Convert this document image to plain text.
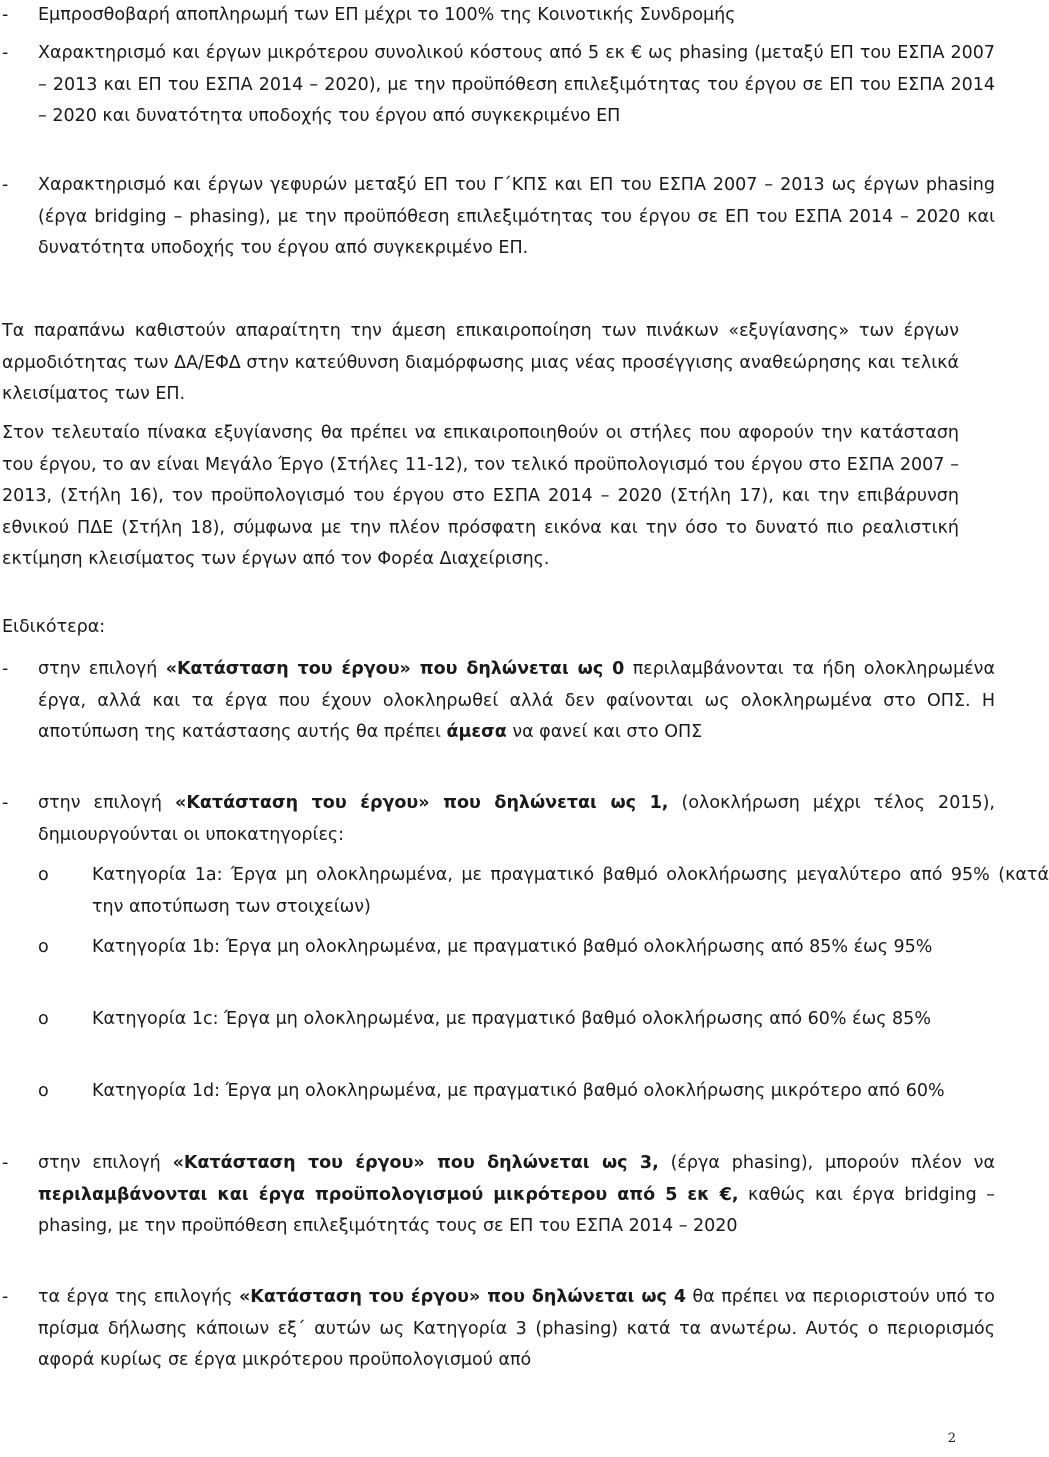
- Εμπροσθοβαρή αποπληρωμή των ΕΠ μέχρι το 100% της Κοινοτικής Συνδρομής

- Χαρακτηρισμό και έργων μικρότερου συνολικού κόστους από 5 εκ € ως phasing (μεταξύ ΕΠ του ΕΣΠΑ 2007 – 2013 και ΕΠ του ΕΣΠΑ 2014 – 2020), με την προϋπόθεση επιλεξιμότητας του έργου σε ΕΠ του ΕΣΠΑ 2014 – 2020 και δυνατότητα υποδοχής του έργου από συγκεκριμένο ΕΠ

- Χαρακτηρισμό και έργων γεφυρών μεταξύ ΕΠ του Γ΄ΚΠΣ και ΕΠ του ΕΣΠΑ 2007 – 2013 ως έργων phasing (έργα bridging – phasing), με την προϋπόθεση επιλεξιμότητας του έργου σε ΕΠ του ΕΣΠΑ 2014 – 2020 και δυνατότητα υποδοχής του έργου από συγκεκριμένο ΕΠ.

Τα παραπάνω καθιστούν απαραίτητη την άμεση επικαιροποίηση των πινάκων «εξυγίανσης» των έργων αρμοδιότητας των ΔΑ/ΕΦΔ στην κατεύθυνση διαμόρφωσης μιας νέας προσέγγισης αναθεώρησης και τελικά κλεισίματος των ΕΠ.

Στον τελευταίο πίνακα εξυγίανσης θα πρέπει να επικαιροποιηθούν οι στήλες που αφορούν την κατάσταση του έργου, το αν είναι Μεγάλο Έργο (Στήλες 11-12), τον τελικό προϋπολογισμό του έργου στο ΕΣΠΑ 2007 – 2013, (Στήλη 16), τον προϋπολογισμό του έργου στο ΕΣΠΑ 2014 – 2020 (Στήλη 17), και την επιβάρυνση εθνικού ΠΔΕ (Στήλη 18), σύμφωνα με την πλέον πρόσφατη εικόνα και την όσο το δυνατό πιο ρεαλιστική εκτίμηση κλεισίματος των έργων από τον Φορέα Διαχείρισης.

Ειδικότερα:

- στην επιλογή «Κατάσταση του έργου» που δηλώνεται ως 0 περιλαμβάνονται τα ήδη ολοκληρωμένα έργα, αλλά και τα έργα που έχουν ολοκληρωθεί αλλά δεν φαίνονται ως ολοκληρωμένα στο ΟΠΣ. Η αποτύπωση της κατάστασης αυτής θα πρέπει άμεσα να φανεί και στο ΟΠΣ

- στην επιλογή «Κατάσταση του έργου» που δηλώνεται ως 1, (ολοκλήρωση μέχρι τέλος 2015), δημιουργούνται οι υποκατηγορίες:

o Κατηγορία 1a: Έργα μη ολοκληρωμένα, με πραγματικό βαθμό ολοκλήρωσης μεγαλύτερο από 95% (κατά την αποτύπωση των στοιχείων)

o Κατηγορία 1b: Έργα μη ολοκληρωμένα, με πραγματικό βαθμό ολοκλήρωσης από 85% έως 95%

o Κατηγορία 1c: Έργα μη ολοκληρωμένα, με πραγματικό βαθμό ολοκλήρωσης από 60% έως 85%

o Κατηγορία 1d: Έργα μη ολοκληρωμένα, με πραγματικό βαθμό ολοκλήρωσης μικρότερο από 60%

- στην επιλογή «Κατάσταση του έργου» που δηλώνεται ως 3, (έργα phasing), μπορούν πλέον να περιλαμβάνονται και έργα προϋπολογισμού μικρότερου από 5 εκ €, καθώς και έργα bridging – phasing, με την προϋπόθεση επιλεξιμότητάς τους σε ΕΠ του ΕΣΠΑ 2014 – 2020

- τα έργα της επιλογής «Κατάσταση του έργου» που δηλώνεται ως 4 θα πρέπει να περιοριστούν υπό το πρίσμα δήλωσης κάποιων εξ΄ αυτών ως Κατηγορία 3 (phasing) κατά τα ανωτέρω. Αυτός ο περιορισμός αφορά κυρίως σε έργα μικρότερου προϋπολογισμού από

2
